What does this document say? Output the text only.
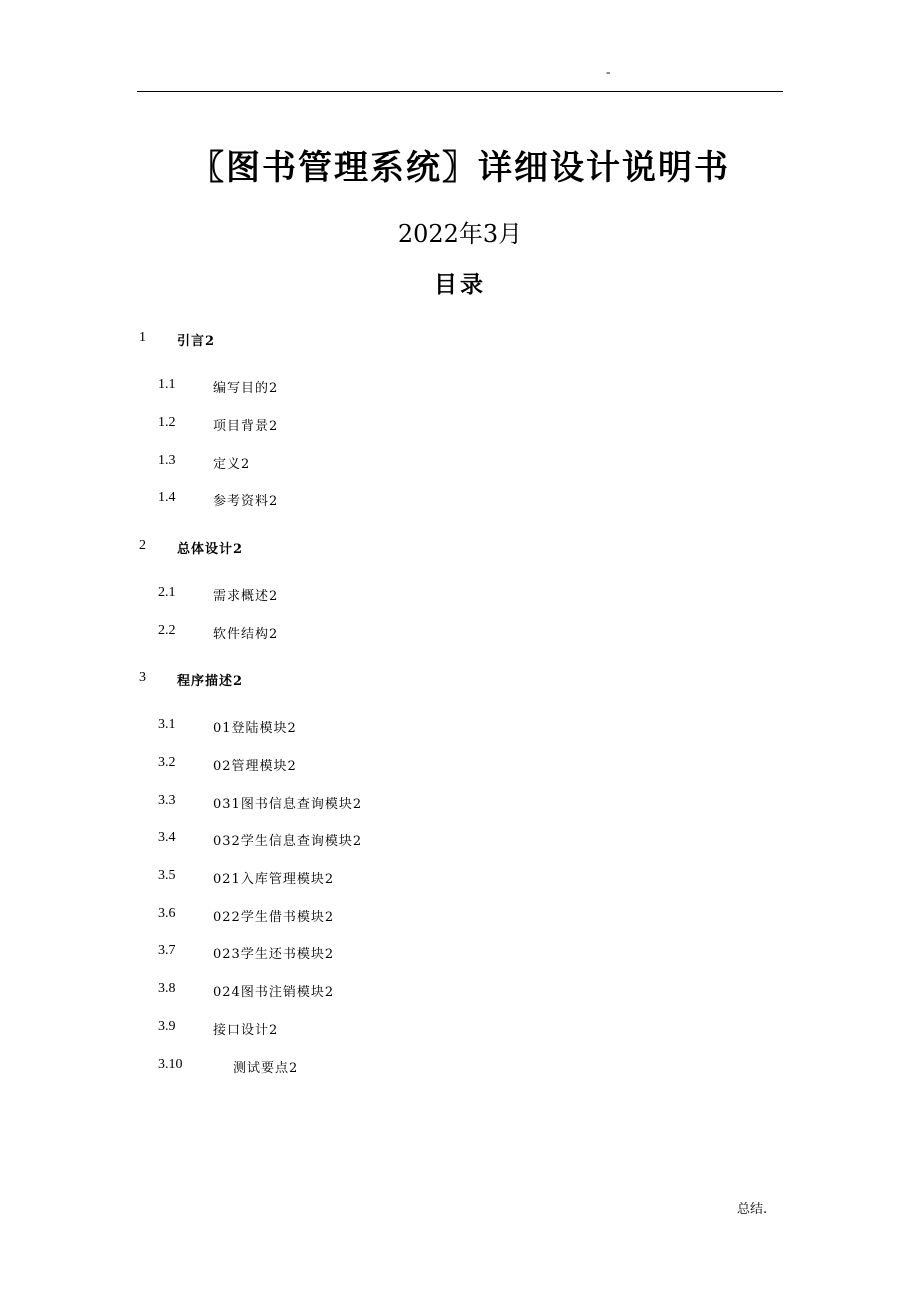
-
〖图书管理系统〗详细设计说明书
2022年3月
目录
1 引言2
1.1	编写目的2
1.2	项目背景2
1.3	定义2
1.4	参考资料2
2 总体设计2
2.1	需求概述2
2.2	软件结构2
3 程序描述2
3.1	01登陆模块2
3.2	02管理模块2
3.3	031图书信息查询模块2
3.4	032学生信息查询模块2
3.5	021入库管理模块2
3.6	022学生借书模块2
3.7	023学生还书模块2
3.8	024图书注销模块2
3.9	接口设计2
3.10	测试要点2
总结.
